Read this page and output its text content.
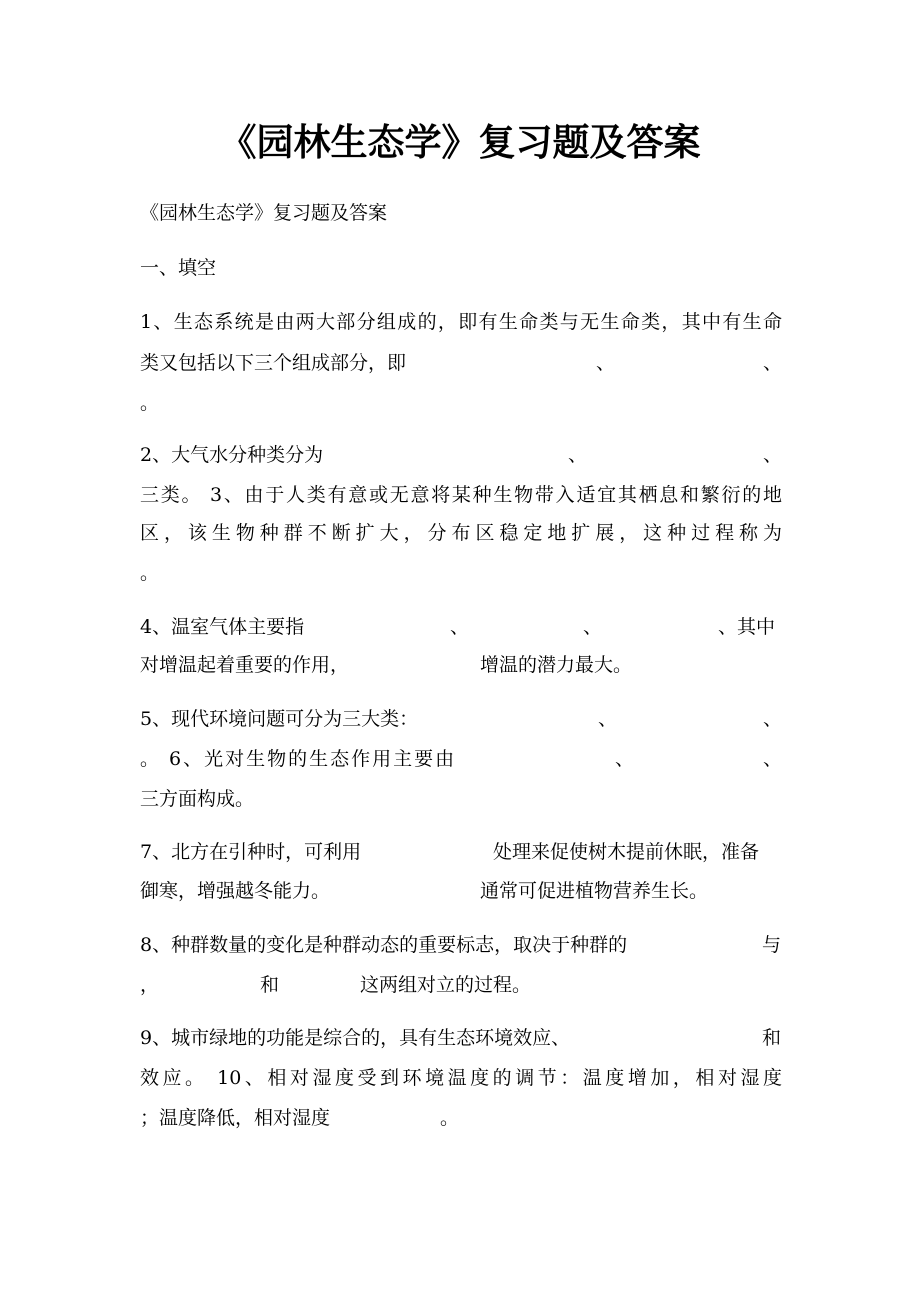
《园林生态学》复习题及答案
《园林生态学》复习题及答案
一、填空
1、生态系统是由两大部分组成的，即有生命类与无生命类，其中有生命
类又包括以下三个组成部分，即	、	、
。
2、大气水分种类分为	、	、
三类。 3、由于人类有意或无意将某种生物带入适宜其栖息和繁衍的地
区，该生物种群不断扩大，分布区稳定地扩展，这种过程称为
。
4、温室气体主要指	、	、	、其中
对增温起着重要的作用，	增温的潜力最大。
5、现代环境问题可分为三大类：	、	、
。 6、光对生物的生态作用主要由	、	、
三方面构成。
7、北方在引种时，可利用	处理来促使树木提前休眠，准备
御寒，增强越冬能力。	通常可促进植物营养生长。
8、种群数量的变化是种群动态的重要标志，取决于种群的	与
，	和	这两组对立的过程。
9、城市绿地的功能是综合的，具有生态环境效应、	和
效应。 10、相对湿度受到环境温度的调节：温度增加，相对湿度
；温度降低，相对湿度	。
